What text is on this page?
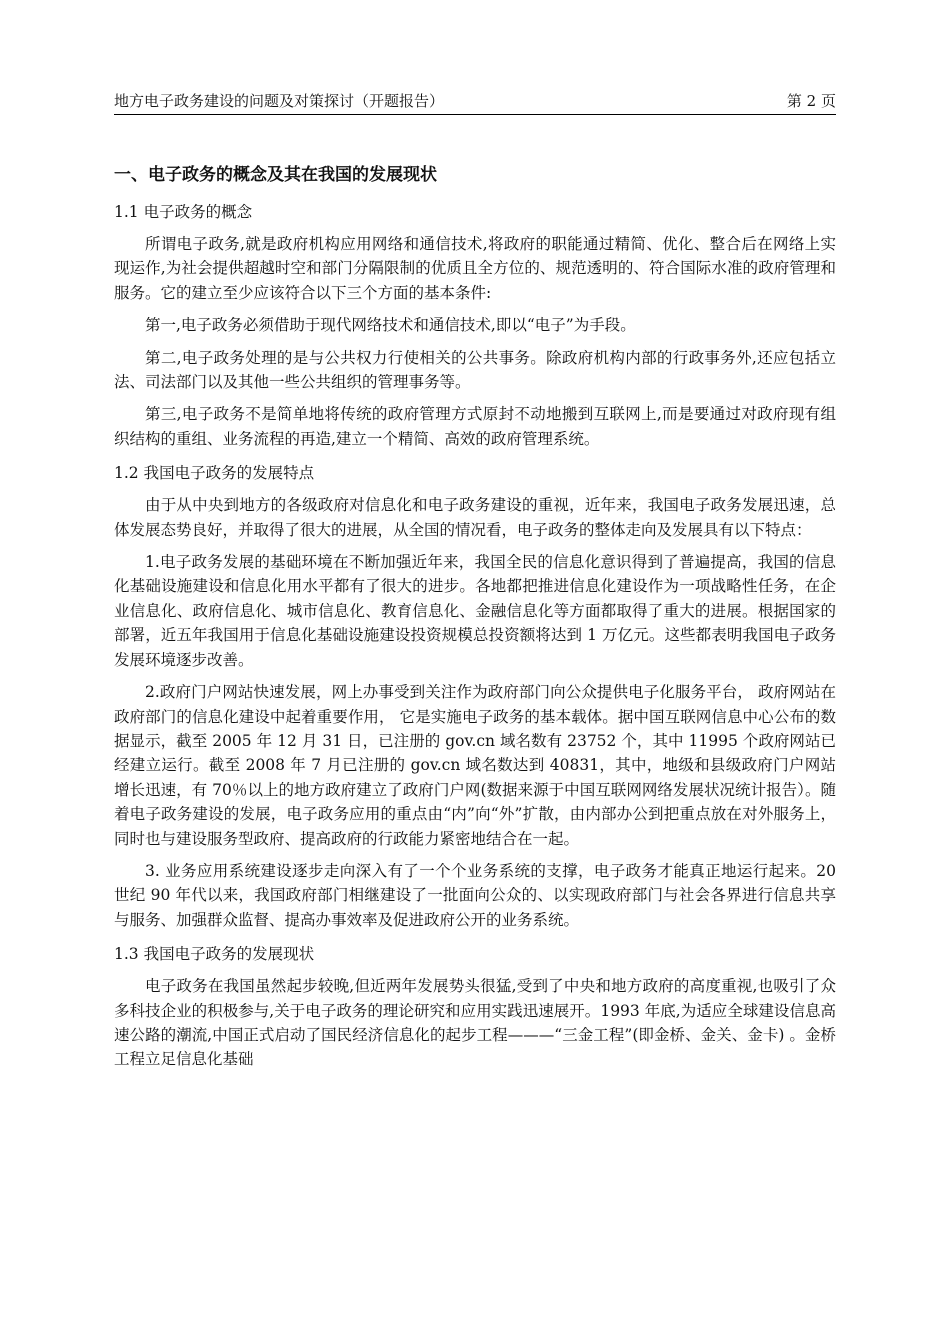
地方电子政务建设的问题及对策探讨（开题报告）	第 2 页
一、电子政务的概念及其在我国的发展现状
1.1 电子政务的概念

所谓电子政务,就是政府机构应用网络和通信技术,将政府的职能通过精简、优化、整合后在网络上实现运作,为社会提供超越时空和部门分隔限制的优质且全方位的、规范透明的、符合国际水准的政府管理和服务。它的建立至少应该符合以下三个方面的基本条件:

第一,电子政务必须借助于现代网络技术和通信技术,即以“电子”为手段。

第二,电子政务处理的是与公共权力行使相关的公共事务。除政府机构内部的行政事务外,还应包括立法、司法部门以及其他一些公共组织的管理事务等。

第三,电子政务不是简单地将传统的政府管理方式原封不动地搬到互联网上,而是要通过对政府现有组织结构的重组、业务流程的再造,建立一个精简、高效的政府管理系统。

1.2 我国电子政务的发展特点

由于从中央到地方的各级政府对信息化和电子政务建设的重视，近年来，我国电子政务发展迅速，总体发展态势良好，并取得了很大的进展，从全国的情况看，电子政务的整体走向及发展具有以下特点：

1.电子政务发展的基础环境在不断加强近年来，我国全民的信息化意识得到了普遍提高，我国的信息化基础设施建设和信息化用水平都有了很大的进步。各地都把推进信息化建设作为一项战略性任务，在企业信息化、政府信息化、城市信息化、教育信息化、金融信息化等方面都取得了重大的进展。根据国家的部署，近五年我国用于信息化基础设施建设投资规模总投资额将达到 1 万亿元。这些都表明我国电子政务发展环境逐步改善。

2.政府门户网站快速发展，网上办事受到关注作为政府部门向公众提供电子化服务平台， 政府网站在政府部门的信息化建设中起着重要作用， 它是实施电子政务的基本载体。据中国互联网信息中心公布的数据显示，截至 2005 年 12 月 31 日，已注册的 gov.cn 域名数有 23752 个，其中 11995 个政府网站已经建立运行。截至 2008 年 7 月已注册的 gov.cn 域名数达到 40831，其中，地级和县级政府门户网站增长迅速，有 70％以上的地方政府建立了政府门户网(数据来源于中国互联网网络发展状况统计报告）。随着电子政务建设的发展，电子政务应用的重点由“内”向“外”扩散，由内部办公到把重点放在对外服务上，同时也与建设服务型政府、提高政府的行政能力紧密地结合在一起。

3. 业务应用系统建设逐步走向深入有了一个个业务系统的支撑，电子政务才能真正地运行起来。20 世纪 90 年代以来，我国政府部门相继建设了一批面向公众的、以实现政府部门与社会各界进行信息共享与服务、加强群众监督、提高办事效率及促进政府公开的业务系统。

1.3 我国电子政务的发展现状

电子政务在我国虽然起步较晚,但近两年发展势头很猛,受到了中央和地方政府的高度重视,也吸引了众多科技企业的积极参与,关于电子政务的理论研究和应用实践迅速展开。1993 年底,为适应全球建设信息高速公路的潮流,中国正式启动了国民经济信息化的起步工程———“三金工程”(即金桥、金关、金卡) 。金桥工程立足信息化基础
